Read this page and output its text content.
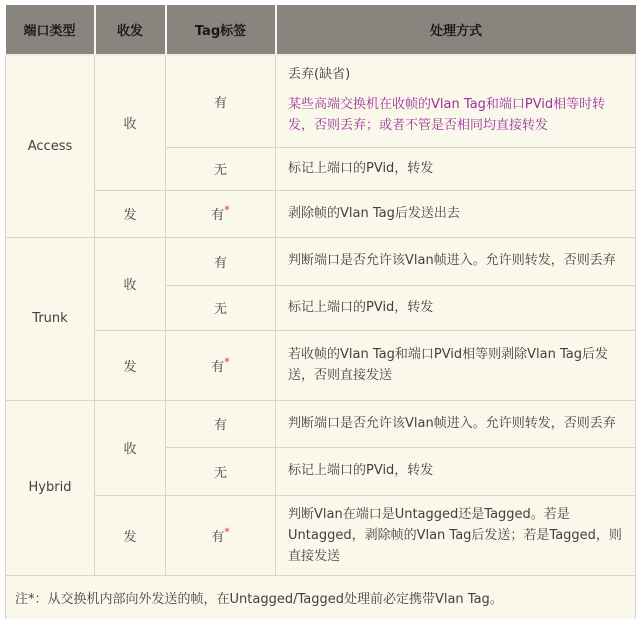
端口类型	收发	Tag标签	处理方式
Access	收	有	丢弃(缺省)

某些高端交换机在收帧的Vlan Tag和端口PVid相等时转发，否则丢弃；或者不管是否相同均直接转发

		无	标记上端口的PVid，转发
	发	有*	剥除帧的Vlan Tag后发送出去
Trunk	收	有	判断端口是否允许该Vlan帧进入。允许则转发，否则丢弃
		无	标记上端口的PVid，转发
	发	有*	若收帧的Vlan Tag和端口PVid相等则剥除Vlan Tag后发送，否则直接发送
Hybrid	收	有	判断端口是否允许该Vlan帧进入。允许则转发，否则丢弃
		无	标记上端口的PVid，转发
	发	有*	判断Vlan在端口是Untagged还是Tagged。若是Untagged，剥除帧的Vlan Tag后发送；若是Tagged，则直接发送
注*：从交换机内部向外发送的帧，在Untagged/Tagged处理前必定携带Vlan Tag。			
